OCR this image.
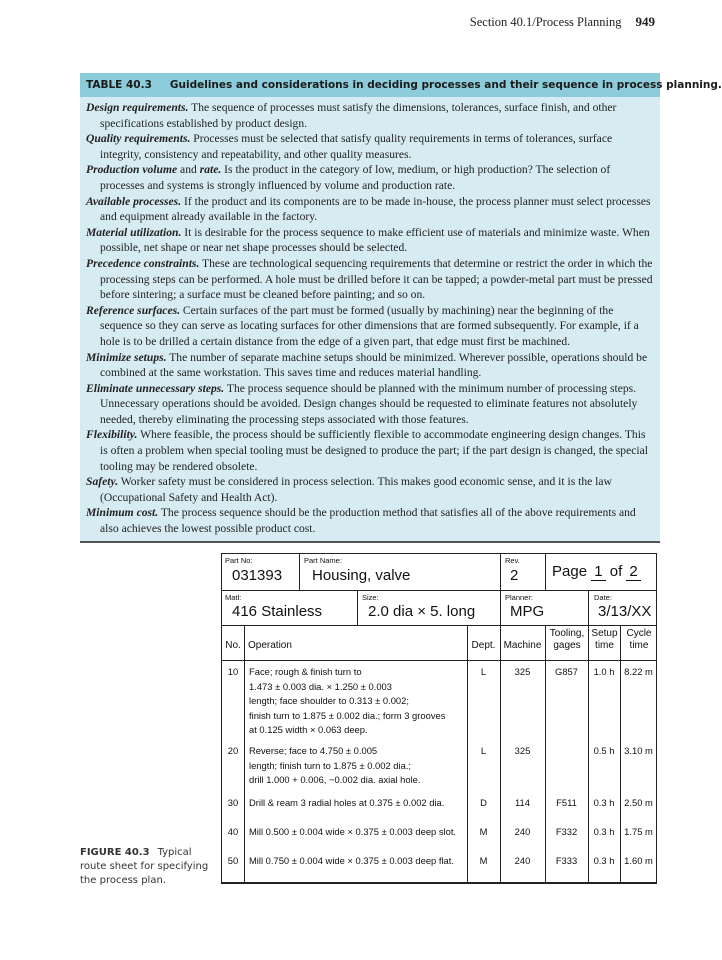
Section 40.1/Process Planning 949
TABLE 40.3 Guidelines and considerations in deciding processes and their sequence in process planning.
Design requirements. The sequence of processes must satisfy the dimensions, tolerances, surface finish, and other specifications established by product design.
Quality requirements. Processes must be selected that satisfy quality requirements in terms of tolerances, surface integrity, consistency and repeatability, and other quality measures.
Production volume and rate. Is the product in the category of low, medium, or high production? The selection of processes and systems is strongly influenced by volume and production rate.
Available processes. If the product and its components are to be made in-house, the process planner must select processes and equipment already available in the factory.
Material utilization. It is desirable for the process sequence to make efficient use of materials and minimize waste. When possible, net shape or near net shape processes should be selected.
Precedence constraints. These are technological sequencing requirements that determine or restrict the order in which the processing steps can be performed. A hole must be drilled before it can be tapped; a powder-metal part must be pressed before sintering; a surface must be cleaned before painting; and so on.
Reference surfaces. Certain surfaces of the part must be formed (usually by machining) near the beginning of the sequence so they can serve as locating surfaces for other dimensions that are formed subsequently. For example, if a hole is to be drilled a certain distance from the edge of a given part, that edge must first be machined.
Minimize setups. The number of separate machine setups should be minimized. Wherever possible, operations should be combined at the same workstation. This saves time and reduces material handling.
Eliminate unnecessary steps. The process sequence should be planned with the minimum number of processing steps. Unnecessary operations should be avoided. Design changes should be requested to eliminate features not absolutely needed, thereby eliminating the processing steps associated with those features.
Flexibility. Where feasible, the process should be sufficiently flexible to accommodate engineering design changes. This is often a problem when special tooling must be designed to produce the part; if the part design is changed, the special tooling may be rendered obsolete.
Safety. Worker safety must be considered in process selection. This makes good economic sense, and it is the law (Occupational Safety and Health Act).
Minimum cost. The process sequence should be the production method that satisfies all of the above requirements and also achieves the lowest possible product cost.
Part No:
031393
Part Name:
Housing, valve
Rev.
2 Page 1 of 2
Matl:
416 Stainless
Size:
2.0 dia × 5. long
Planner:
MPG
Date:
3/13/XX
No. Operation	Dept. Machine
Tooling, gages
Setup time
Cycle time
10	Face; rough & finish turn to
1.473 ± 0.003 dia. × 1.250 ± 0.003
length; face shoulder to 0.313 ± 0.002;
finish turn to 1.875 ± 0.002 dia.; form 3 grooves
at 0.125 width × 0.063 deep.
L	325	G857	1.0 h	8.22 m
20	Reverse; face to 4.750 ± 0.005
length; finish turn to 1.875 ± 0.002 dia.;
drill 1.000 + 0.006, −0.002 dia. axial hole.
L	325	0.5 h	3.10 m
30	Drill & ream 3 radial holes at 0.375 ± 0.002 dia.	D	114	F511	0.3 h	2.50 m
40	Mill 0.500 ± 0.004 wide × 0.375 ± 0.003 deep slot.	M	240	F332	0.3 h	1.75 m
50	Mill 0.750 ± 0.004 wide × 0.375 ± 0.003 deep flat.	M	240	F333	0.3 h	1.60 m
FIGURE 40.3 Typical route sheet for specifying the process plan.
